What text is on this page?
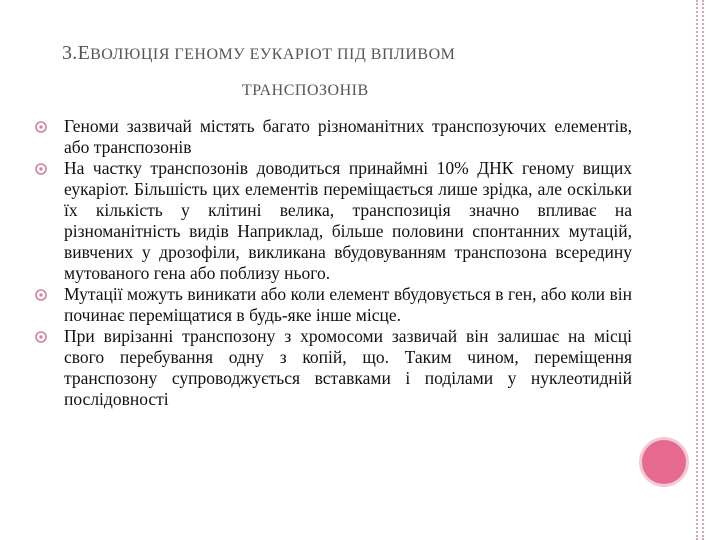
3.ЕВОЛЮЦІЯ ГЕНОМУ ЕУКАРІОТ ПІД ВПЛИВОМ
ТРАНСПОЗОНІВ
Геноми зазвичай містять багато різноманітних транспозуючих елементів, або транспозонів
На частку транспозонів доводиться принаймні 10% ДНК геному вищих еукаріот. Більшість цих елементів переміщається лише зрідка, але оскільки їх кількість у клітині велика, транспозиція значно впливає на різноманітність видів Наприклад, більше половини спонтанних мутацій, вивчених у дрозофіли, викликана вбудовуванням транспозона всередину мутованого гена або поблизу нього.
Мутації можуть виникати або коли елемент вбудовується в ген, або коли він починає переміщатися в будь-яке інше місце.
При вирізанні транспозону з хромосоми зазвичай він залишає на місці свого перебування одну з копій, що. Таким чином, переміщення транспозону супроводжується вставками і поділами у нуклеотидній послідовності
